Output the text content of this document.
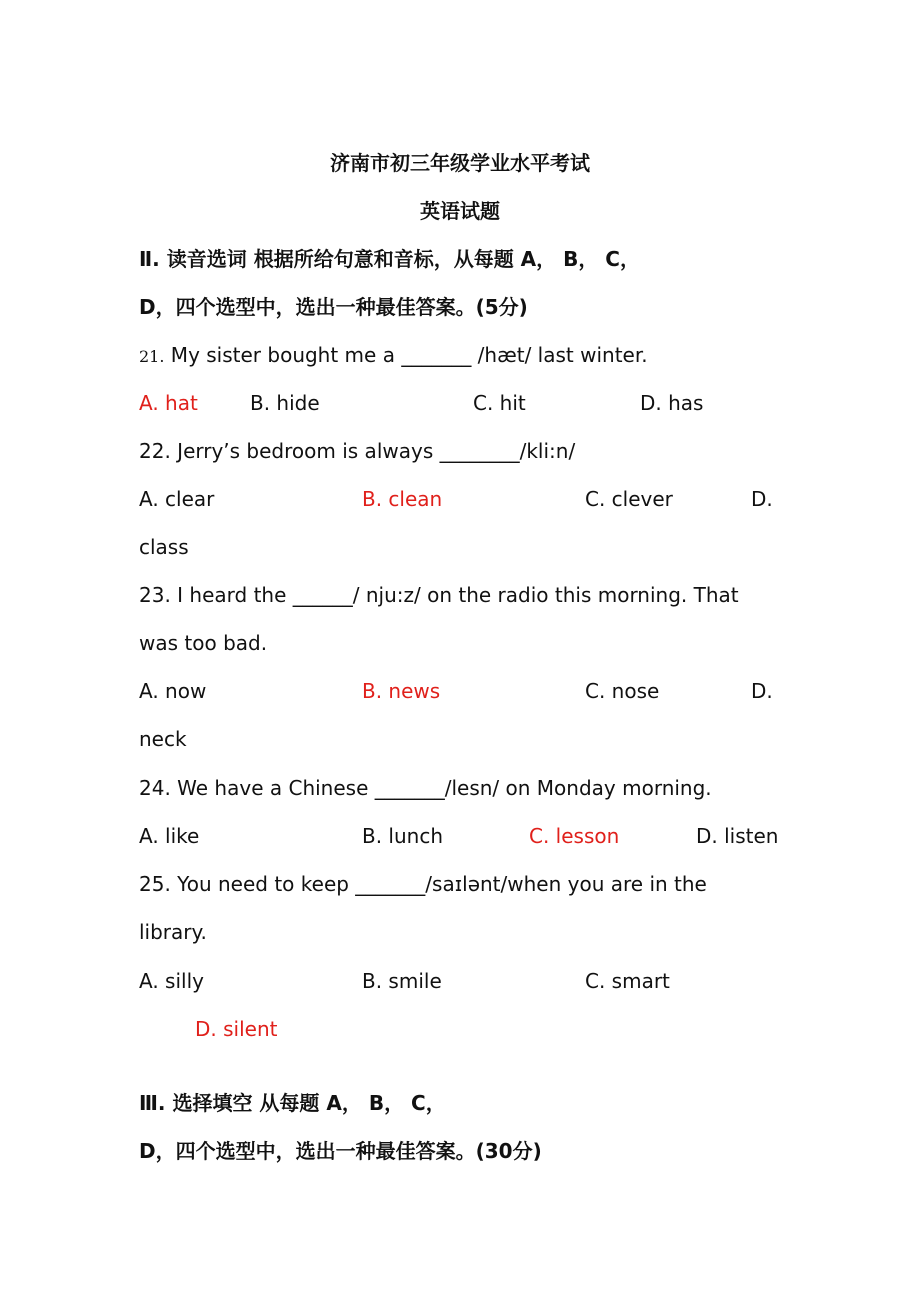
济南市初三年级学业水平考试
英语试题
Ⅱ. 读音选词 根据所给句意和音标，从每题 A， B， C，
D，四个选型中，选出一种最佳答案。(5分)
21. My sister bought me a _______ /hæt/ last winter.
A. hat	B. hide	C. hit	D. has
22. Jerry’s bedroom is always ________/kli:n/
A. clear	B. clean	C. clever	D.
class
23. I heard the ______/ nju:z/ on the radio this morning. That
was too bad.
A. now	B. news	C. nose	D.
neck
24. We have a Chinese _______/lesn/ on Monday morning.
A. like	B. lunch	C. lesson	D. listen
25. You need to keep _______/saɪlənt/when you are in the
library.
A. silly	B. smile	C. smart
D. silent
Ⅲ. 选择填空 从每题 A， B， C，
D，四个选型中，选出一种最佳答案。(30分)
